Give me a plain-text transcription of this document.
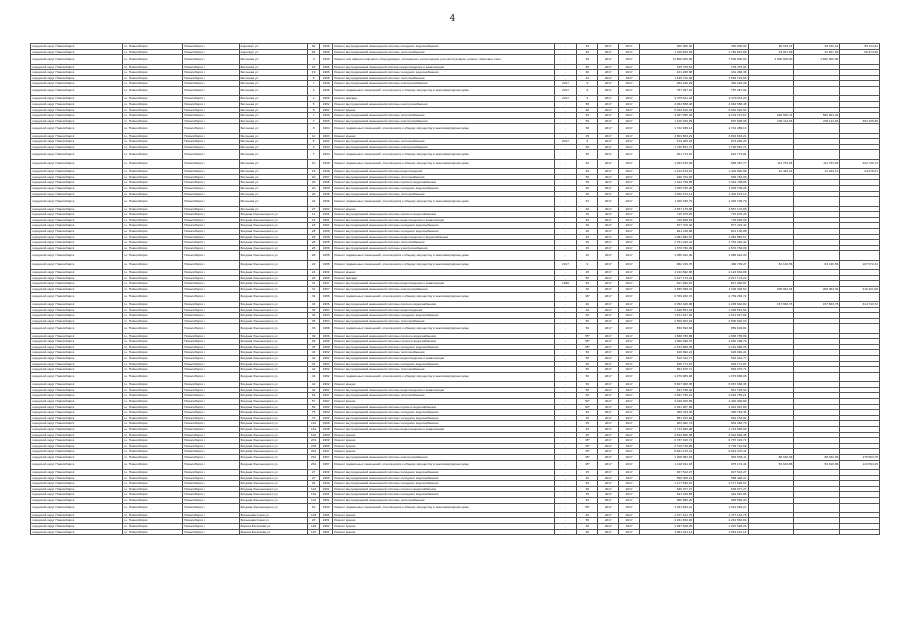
4
городской округ Новосибирск	г.о. Новосибирск	Новосибирск г	Аэропорт ул	52	1958	Ремонт внутридомовой инженерной системы холодного водоснабжения	-	63	2017	2017	250 000,00	250 000,00	28 162,21	28 162,21	56 114,91
городской округ Новосибирск	г.о. Новосибирск	Новосибирск г	Аэропорт ул	52	1958	Ремонт внутридомовой инженерной системы теплоснабжения	-	63	2017	2017	1 318 406,93	1 750 813,89	34 607,69	34 607,69	69 274,60
городской округ Новосибирск	г.о. Новосибирск	Новосибирск г	Бетонная ул	3	1966	Ремонт или замена лифтового оборудования, признанного непригодным для эксплуатации, ремонт лифтовых шахт	-	99	2017	2017	11 800 000,00	7 500 000,00	4 300 000,00	1 500 000,00	
городской округ Новосибирск	г.о. Новосибирск	Новосибирск г	Бетонная ул	19	1966	Ремонт внутридомовой инженерной системы водоотведения и канализации	-	60	2017	2017	135 475,64	135 475,64			
городской округ Новосибирск	г.о. Новосибирск	Новосибирск г	Бетонная ул	19	1966	Ремонт внутридомовой инженерной системы холодного водоснабжения	-	60	2017	2017	401 268,38	401 268,38			
городской округ Новосибирск	г.о. Новосибирск	Новосибирск г	Бетонная ул	5	1968	Ремонт внутридомовой инженерной системы теплоснабжения	-	61	2017	2017	1 549 722,96	1 549 722,96			
городской округ Новосибирск	г.о. Новосибирск	Новосибирск г	Бетонная ул	7	1968	Ремонт внутридомовой инженерной системы электроснабжения	2017	9	2017	2017	484 226,29	484 226,29			
городской округ Новосибирск	г.о. Новосибирск	Новосибирск г	Бетонная ул	3	1966	Ремонт подвальных помещений, относящихся к общему имуществу в многоквартирном доме	2017	9	2017	2017	787 267,94	787 267,94			
городской округ Новосибирск	г.о. Новосибирск	Новосибирск г	Бетонная ул	2	1966	Ремонт фасада	2017	9	2017	2017	2 479 011,23	2 479 011,23			
городской округ Новосибирск	г.о. Новосибирск	Новосибирск г	Бетонная ул	5	1952	Ремонт внутридомовой инженерной системы электроснабжения	-	58	2017	2017	2 064 588,48	2 064 588,48			
городской округ Новосибирск	г.о. Новосибирск	Новосибирск г	Бетонная ул	5	1952	Ремонт крыши	-	60	2017	2017	9 042 226,94	9 042 226,94			
городской округ Новосибирск	г.о. Новосибирск	Новосибирск г	Бетонная ул	7	1966	Ремонт внутридомовой инженерной системы теплоснабжения	-	59	2017	2017	3 967 095,36	3 279 372,67	296 506,74	595 001,49	
городской округ Новосибирск	г.о. Новосибирск	Новосибирск г	Бетонная ул	7	1966	Ремонт внутридомовой инженерной системы электроснабжения	-	59	2017	2017	1 100 469,99	597 908,08	206 114,93	206 114,93	393 166,96
городской округ Новосибирск	г.о. Новосибирск	Новосибирск г	Бетонная ул	8	1964	Ремонт подвальных помещений, относящихся к общему имуществу в многоквартирном доме	-	58	2017	2017	1 742 489,13	1 742 489,13			
городской округ Новосибирск	г.о. Новосибирск	Новосибирск г	Бетонная ул	11	1963	Ремонт крыши	-	45	2017	2017	3 804 863,21	3 804 863,21			
городской округ Новосибирск	г.о. Новосибирск	Новосибирск г	Бетонная ул	6	1964	Ремонт внутридомовой инженерной системы теплоснабжения	2017	9	2017	2017	673 265,23	673 265,23			
городской округ Новосибирск	г.о. Новосибирск	Новосибирск г	Бетонная ул	6	1964	Ремонт внутридомовой инженерной системы электроснабжения	-	50	2017	2017	1 730 591,71	1 730 591,71			
городской округ Новосибирск	г.о. Новосибирск	Новосибирск г	Бетонная ул	7	1964	Ремонт подвальных помещений, относящихся к общему имуществу в многоквартирном доме	-	52	2017	2017	821 774,81	821 774,81			
городской округ Новосибирск	г.о. Новосибирск	Новосибирск г	Бетонная ул	10	1968	Ремонт подвальных помещений, относящихся к общему имуществу в многоквартирном доме	-	62	2017	2017	1 094 125,69	856 357,77	111 753,96	111 753,96	222 736,73
городской округ Новосибирск	г.о. Новосибирск	Новосибирск г	Бетонная ул	15	1958	Ремонт внутридомовой инженерной системы водоотведения	-	49	2017	2017	1 412 676,87	1 402 820,96	12 422,14	12 422,14	24 678,31
городской округ Новосибирск	г.о. Новосибирск	Новосибирск г	Бетонная ул	20	1957	Ремонт внутридомовой инженерной системы теплоснабжения	-	50	2017	2017	946 764,60	946 764,60			
городской округ Новосибирск	г.о. Новосибирск	Новосибирск г	Бетонная ул	20	1958	Ремонт внутридомовой инженерной системы горячего водоснабжения	-	59	2017	2017	1 344 798,86	1 344 798,86			
городской округ Новосибирск	г.о. Новосибирск	Новосибирск г	Бетонная ул	20	1958	Ремонт внутридомовой инженерной системы холодного водоснабжения	-	60	2017	2017	1 035 706,26	1 035 706,26			
городской округ Новосибирск	г.о. Новосибирск	Новосибирск г	Бетонная ул	20	1958	Ремонт внутридомовой инженерной системы теплоснабжения	-	60	2017	2017	1 402 074,14	1 402 074,14			
городской округ Новосибирск	г.о. Новосибирск	Новосибирск г	Бетонная ул	24	1956	Ремонт подвальных помещений, относящихся к общему имуществу в многоквартирном доме	-	61	2017	2017	1 326 799,79	1 326 799,79			
городской округ Новосибирск	г.о. Новосибирск	Новосибирск г	Бетонная ул	27	1962	Ремонт крыши	-	40	2017	2017	4 557 176,68	4 557 176,68			
городской округ Новосибирск	г.о. Новосибирск	Новосибирск г	Богдана Хмельницкого ул	12	1961	Ремонт внутридомовой инженерной системы горячего водоснабжения	-	45	2017	2017	715 975,20	715 975,20			
городской округ Новосибирск	г.о. Новосибирск	Новосибирск г	Богдана Хмельницкого ул	18	1961	Ремонт внутридомовой инженерной системы водоотведения и канализации	-	45	2017	2017	745 828,63	745 828,63			
городской округ Новосибирск	г.о. Новосибирск	Новосибирск г	Богдана Хмельницкого ул	18	1961	Ремонт внутридомовой инженерной системы холодного водоснабжения	-	45	2017	2017	877 479,32	877 479,32			
городской округ Новосибирск	г.о. Новосибирск	Новосибирск г	Богдана Хмельницкого ул	28	1958	Ремонт внутридомовой инженерной системы холодного водоснабжения	-	45	2017	2017	821 136,88	821 136,88			
городской округ Новосибирск	г.о. Новосибирск	Новосибирск г	Богдана Хмельницкого ул	28	1958	Ремонт внутридомовой инженерной системы водоотведения и водоснабжения	-	45	2017	2017	1 081 882,57	1 081 882,57			
городской округ Новосибирск	г.о. Новосибирск	Новосибирск г	Богдана Хмельницкого ул	28	1958	Ремонт внутридомовой инженерной системы теплоснабжения	-	45	2017	2017	1 751 240,44	1 751 240,44			
городской округ Новосибирск	г.о. Новосибирск	Новосибирск г	Богдана Хмельницкого ул	28	1958	Ремонт внутридомовой инженерной системы электроснабжения	-	45	2017	2017	1 570 782,09	1 570 782,09			
городской округ Новосибирск	г.о. Новосибирск	Новосибирск г	Богдана Хмельницкого ул	28	1958	Ремонт подвальных помещений, относящихся к общему имуществу в многоквартирном доме	-	45	2017	2017	1 080 022,00	1 080 022,00			
городской округ Новосибирск	г.о. Новосибирск	Новосибирск г	Богдана Хмельницкого ул	22	1958	Ремонт подвальных помещений, относящихся к общему имуществу в многоквартирном доме	2017	9	2017	2017	882 219,76	466 706,27	84 126,56	84 126,56	167 672,31
городской округ Новосибирск	г.о. Новосибирск	Новосибирск г	Богдана Хмельницкого ул	24	1959	Ремонт крыши	-	45	2017	2017	4 123 692,88	4 123 692,88			
городской округ Новосибирск	г.о. Новосибирск	Новосибирск г	Богдана Хмельницкого ул	26	1959	Ремонт фасада	-	50	2017	2017	2 917 173,22	2 917 173,22			
городской округ Новосибирск	г.о. Новосибирск	Новосибирск г	Богдана Хмельницкого ул	31	1957	Ремонт внутридомовой инженерной системы водоотведения и канализации	1986	45	2017	2017	817 260,87	817 260,87			
городской округ Новосибирск	г.о. Новосибирск	Новосибирск г	Богдана Хмельницкого ул	31	1957	Ремонт внутридомовой инженерной системы электроснабжения	-	45	2017	2017	1 835 398,31	1 106 346,52	208 964,04	208 964,04	416 321,96
городской округ Новосибирск	г.о. Новосибирск	Новосибирск г	Богдана Хмельницкого ул	32	1956	Ремонт подвальных помещений, относящихся к общему имуществу в многоквартирном доме	-	46*	2017	2017	2 769 282,72	2 769 282,72			
городской округ Новосибирск	г.о. Новосибирск	Новосибирск г	Богдана Хмельницкого ул	34	1956	Ремонт внутридомовой инженерной системы горячего водоснабжения	-	40	2017	2017	2 052 328,86	1 295 640,82	157 663,76	157 663,76	314 743,72
городской округ Новосибирск	г.о. Новосибирск	Новосибирск г	Богдана Хмельницкого ул	35	1954	Ремонт внутридомовой инженерной системы водоотведения	-	45	2017	2017	1 348 551,94	1 348 551,94			
городской округ Новосибирск	г.о. Новосибирск	Новосибирск г	Богдана Хмельницкого ул	35	1954	Ремонт внутридомовой инженерной системы холодного водоснабжения	-	50	2017	2017	1 671 627,92	1 671 627,92			
городской округ Новосибирск	г.о. Новосибирск	Новосибирск г	Богдана Хмельницкого ул	35	1954	Ремонт внутридомовой инженерной системы теплоснабжения	-	50	2017	2017	2 500 902,03	2 500 902,03			
городской округ Новосибирск	г.о. Новосибирск	Новосибирск г	Богдана Хмельницкого ул	36	1958	Ремонт подвальных помещений, относящихся к общему имуществу в многоквартирном доме	-	50	2017	2017	859 693,84	859 693,84			
городской округ Новосибирск	г.о. Новосибирск	Новосибирск г	Богдана Хмельницкого ул	39	1958	Ремонт внутридомовой инженерной системы горячего водоснабжения	-	55*	2017	2017	1 838 785,89	1 838 785,89			
городской округ Новосибирск	г.о. Новосибирск	Новосибирск г	Богдана Хмельницкого ул	39	1958	Ремонт внутридомовой инженерной системы горячего водоснабжения	-	55*	2017	2017	1 660 398,76	1 660 398,76			
городской округ Новосибирск	г.о. Новосибирск	Новосибирск г	Богдана Хмельницкого ул	39	1958	Ремонт внутридомовой инженерной системы холодного водоснабжения	-	55*	2017	2017	2 151 686,39	2 151 686,39			
городской округ Новосибирск	г.о. Новосибирск	Новосибирск г	Богдана Хмельницкого ул	40	1952	Ремонт внутридомовой инженерной системы теплоснабжения	-	50	2017	2017	626 992,24	626 992,24			
городской округ Новосибирск	г.о. Новосибирск	Новосибирск г	Богдана Хмельницкого ул	42	1952	Ремонт внутридомовой инженерной системы водоотведения и канализации	-	50	2017	2017	516 312,77	516 312,77			
городской округ Новосибирск	г.о. Новосибирск	Новосибирск г	Богдана Хмельницкого ул	42	1952	Ремонт внутридомовой инженерной системы холодного водоснабжения	-	50	2017	2017	645 771,87	645 771,87			
городской округ Новосибирск	г.о. Новосибирск	Новосибирск г	Богдана Хмельницкого ул	42	1952	Ремонт внутридомовой инженерной системы теплоснабжения	-	50	2017	2017	894 676,71	894 676,71			
городской округ Новосибирск	г.о. Новосибирск	Новосибирск г	Богдана Хмельницкого ул	42	1952	Ремонт подвальных помещений, относящихся к общему имуществу в многоквартирном доме	-	50	2017	2017	1 070 986,08	1 070 986,08			
городской округ Новосибирск	г.о. Новосибирск	Новосибирск г	Богдана Хмельницкого ул	42	1952	Ремонт крыши	-	50	2017	2017	5 667 068,45	5 667 068,45			
городской округ Новосибирск	г.о. Новосибирск	Новосибирск г	Богдана Хмельницкого ул	43	1952	Ремонт внутридомовой инженерной системы водоотведения и канализации	-	50	2017	2017	841 728,02	841 728,02			
городской округ Новосибирск	г.о. Новосибирск	Новосибирск г	Богдана Хмельницкого ул	53	1957	Ремонт внутридомовой инженерной системы теплоснабжения	-	50	2017	2017	2 691 756,21	2 691 756,21			
городской округ Новосибирск	г.о. Новосибирск	Новосибирск г	Богдана Хмельницкого ул	57	1967	Ремонт крыши	-	52*	2017	2017	4 440 400,89	4 440 400,89			
городской округ Новосибирск	г.о. Новосибирск	Новосибирск г	Богдана Хмельницкого ул	59	1952	Ремонт внутридомовой инженерной системы горячего водоснабжения	-	50*	2017	2017	2 261 997,89	2 261 997,89			
городской округ Новосибирск	г.о. Новосибирск	Новосибирск г	Богдана Хмельницкого ул	75	1952	Ремонт внутридомовой инженерной системы холодного водоснабжения	-	45	2017	2017	360 763,36	360 763,36			
городской округ Новосибирск	г.о. Новосибирск	Новосибирск г	Богдана Хмельницкого ул	75	1952	Ремонт внутридомовой инженерной системы холодного водоснабжения	-	45	2017	2017	681 163,82	681 163,82			
городской округ Новосибирск	г.о. Новосибирск	Новосибирск г	Богдана Хмельницкого ул	161	1968	Ремонт внутридомовой инженерной системы холодного водоснабжения	-	45	2017	2017	903 482,73	903 482,73			
городской округ Новосибирск	г.о. Новосибирск	Новосибирск г	Богдана Хмельницкого ул	161	1968	Ремонт внутридомовой инженерной системы водоотведения и канализации	-	45	2017	2017	1 713 966,08	1 713 966,08			
городской округ Новосибирск	г.о. Новосибирск	Новосибирск г	Богдана Хмельницкого ул	161	1959	Ремонт крыши	-	45	2017	2017	4 522 896,48	4 522 896,48			
городской округ Новосибирск	г.о. Новосибирск	Новосибирск г	Богдана Хмельницкого ул	201	1959	Ремонт крыши	-	45*	2017	2017	6 787 315,72	6 787 315,72			
городской округ Новосибирск	г.о. Новосибирск	Новосибирск г	Богдана Хмельницкого ул	233	1959	Ремонт крыши	-	45*	2017	2017	2 729 742,09	2 729 742,09			
городской округ Новосибирск	г.о. Новосибирск	Новосибирск г	Богдана Хмельницкого ул	261	1957	Ремонт крыши	-	45*	2017	2017	6 821 476,41	6 821 476,41			
городской округ Новосибирск	г.о. Новосибирск	Новосибирск г	Богдана Хмельницкого ул	261	1957	Ремонт внутридомовой инженерной системы электроснабжения	-	45*	2017	2017	1 208 982,03	881 556,11	88 182,09	88 182,09	175 563,75
городской округ Новосибирск	г.о. Новосибирск	Новосибирск г	Богдана Хмельницкого ул	261	1957	Ремонт подвальных помещений, относящихся к общему имуществу в многоквартирном доме	-	45*	2017	2017	1 140 911,03	875 172,44	59 616,86	59 616,86	134 594,15
городской округ Новосибирск	г.о. Новосибирск	Новосибирск г	Богдана Хмельницкого ул	27	1959	Ремонт внутридомовой инженерной системы холодного водоснабжения	-	45	2017	2017	927 513,27	927 513,27			
городской округ Новосибирск	г.о. Новосибирск	Новосибирск г	Богдана Хмельницкого ул	27	1959	Ремонт внутридомовой инженерной системы холодного водоснабжения	-	45	2017	2017	958 405,21	958 405,21			
городской округ Новосибирск	г.о. Новосибирск	Новосибирск г	Богдана Хмельницкого ул	25	1969	Ремонт внутридомовой инженерной системы холодного водоснабжения	-	45	2017	2017	1 177 526,97	1 177 526,97			
городской округ Новосибирск	г.о. Новосибирск	Новосибирск г	Богдана Хмельницкого ул	101	1961	Ремонт внутридомовой инженерной системы горячего водоснабжения	-	45	2017	2017	636 077,27	636 077,27			
городской округ Новосибирск	г.о. Новосибирск	Новосибирск г	Богдана Хмельницкого ул	101	1961	Ремонт внутридомовой инженерной системы холодного водоснабжения	-	45	2017	2017	491 910,85	491 910,85			
городской округ Новосибирск	г.о. Новосибирск	Новосибирск г	Богдана Хмельницкого ул	101	1961	Ремонт внутридомовой инженерной системы теплоснабжения	-	45	2017	2017	956 566,20	956 566,20			
городской округ Новосибирск	г.о. Новосибирск	Новосибирск г	Богдана Хмельницкого ул	91	1962	Ремонт подвальных помещений, относящихся к общему имуществу в многоквартирном доме	-	55*	2017	2017	1 041 694,21	1 041 694,21			
городской округ Новосибирск	г.о. Новосибирск	Новосибирск г	Большевистская ул	103	1961	Ремонт крыши	-	40	2017	2017	1 477 161,79	1 477 161,79			
городской округ Новосибирск	г.о. Новосибирск	Новосибирск г	Большевистская ул	26	1951	Ремонт крыши	-	50	2017	2017	4 261 560,84	4 261 560,84			
городской округ Новосибирск	г.о. Новосибирск	Новосибирск г	Бориса Богаткова ул	149	1962	Ремонт крыши	-	45	2017	2017	1 097 628,26	1 097 628,26			
городской округ Новосибирск	г.о. Новосибирск	Новосибирск г	Бориса Богаткова ул	197	1961	Ремонт крыши	-	50	2017	2017	1 951 221,14	1 951 221,14			
